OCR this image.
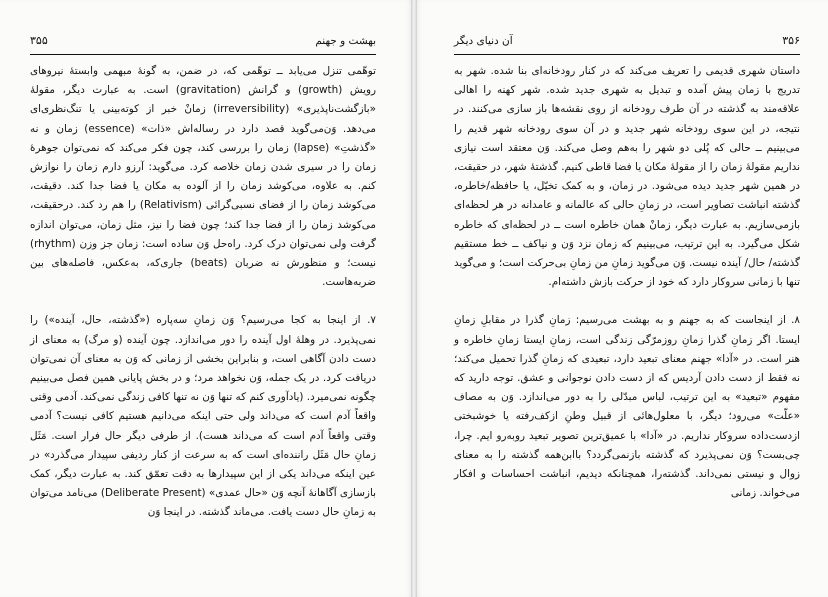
۳۵۵	بهشت و جهنم

توهّمی تنزل می‌یابد ــ توهّمی که، در ضمن، به گونهٔ مبهمی وابستهٔ نیروهای رویش (growth) و گرانش (gravitation) است. به عبارت دیگر، مقولهٔ «بازگشت‌ناپذیری» (irreversibility) زمانْ خبر از کوته‌بینی یا تنگ‌نظری‌ای می‌دهد. وَن‌می‌گوید قصد دارد در رساله‌اش «ذات» (essence) زمان و نه «گذشتِ» (lapse) زمان را بررسی کند، چون فکر می‌کند که نمی‌توان جوهرهٔ زمان را در سیری شدن زمان خلاصه کرد. می‌گوید: آرزو دارم زمان را نوازش کنم. به علاوه، می‌کوشد زمان را از آلوده به مکان یا فضا جدا کند. دقیقت، می‌کوشد زمان را از فضای نسبی‌گرائی (Relativism) را هم رد کند. درحقیقت، می‌کوشد زمان را از فضا جدا کند؛ چون فضا را نیز، مثل زمان، می‌توان اندازه گرفت ولی نمی‌توان درک کرد. راه‌حل وَن ساده است: زمان جز وزن (rhythm) نیست؛ و منظورش نه ضربان (beats) جاری‌که، به‌عکس، فاصله‌های بین ضربه‌هاست.

۷. از اینجا به کجا می‌رسیم؟ وَن زمانِ سه‌پاره («گذشته، حال، آینده») را نمی‌پذیرد. در وهلهٔ اول آینده را دور می‌اندازد. چون آینده (و مرگ) به معنای از دست دادن آگاهی است، و بنابراین بخشی از زمانی که وَن به معنای آن نمی‌توان دریافت کرد. در یک جمله، وَن نخواهد مرد؛ و در بخش پایانی همین فصل می‌بینیم چگونه نمی‌میرد. (یادآوری کنم که تنها وَن نه تنها کافی زندگی نمی‌کند. آدمی وقتی واقعاً آدم است که می‌داند ولی حتی اینکه می‌دانیم هستیم کافی نیست؟ آدمی وقتی واقعاً آدم است که می‌داند هست). از طرفی دیگر حال فرار است. مَثَل زمانِ حال مَثَل راننده‌ای است که به سرعت از کنار ردیفی سپیدار می‌گذرد» در عین اینکه می‌داند یکی از این سپیدارها به دقت تعمّق کند. به عبارت دیگر، کمک بازسازی آگاهانهٔ آنچه وَن «حال عمدی» (Deliberate Present) می‌نامد می‌توان به زمانِ حال دست یافت. می‌ماند گذشته. در اینجا وَن

آن دنیای دیگر	۳۵۶

داستان شهری قدیمی را تعریف می‌کند که در کنار رودخانه‌ای بنا شده. شهر به تدریج با زمان پیش آمده و تبدیل به شهری جدید شده. شهر کهنه را اهالی علاقه‌مند به گذشته در آن طرف رودخانه از روی نقشه‌ها باز سازی می‌کنند. در نتیجه، در این سوی رودخانه شهر جدید و در آن سوی رودخانه شهر قدیم را می‌بینیم ــ حالی که پُلی دو شهر را به‌هم وصل می‌کند. وَن معتقد است نیازی نداریم مقولهٔ زمان را از مقولهٔ مکان یا فضا قاطی کنیم. گذشتهٔ شهر، در حقیقت، در همین شهر جدید دیده می‌شود. در زمان، و به کمک تخیّل، یا حافظه/خاطره، گذشته انباشت تصاویر است، در زمانِ حالی که عالمانه و عامدانه در هر لحظه‌ای بازمی‌سازیم. به عبارت دیگر، زمانْ همان خاطره است ــ در لحظه‌ای که خاطره شکل می‌گیرد. به این ترتیب، می‌بینیم که زمان نزد وَن و نیاکف ــ خط مستقیم گذشته/ حال/ آینده نیست. وَن می‌گوید زمانِ من زمانِ بی‌حرکت است؛ و می‌گوید تنها با زمانی سروکار دارد که خود از حرکت بازش داشته‌ام.

۸. از اینجاست که به جهنم و به بهشت می‌رسیم: زمانِ گذرا در مقابلِ زمانِ ایستا. اگر زمانِ گذرا زمانِ روزمرّگی زندگی است، زمانِ ایستا زمانِ خاطره و هنر است. در «آدا» جهنم معنای تبعید دارد، تبعیدی که زمانِ گذرا تحمیل می‌کند؛ نه فقط از دست دادن آردیس که از دست دادن نوجوانی و عشق. توجه دارید که مفهوم «تبعید» به این ترتیب، لباس مبدّلی را به دور می‌اندازد. وَن به مصاف «علّت» می‌رود؛ دیگر، با معلول‌هائی از قبیل وطنِ ازکف‌رفته یا خوشبختی ازدست‌داده سروکار نداریم. در «آدا» با عمیق‌ترین تصویر تبعید روبه‌رو ایم. چرا، چی‌بست؟ وَن نمی‌پذیرد که گذشته بازنمی‌گردد؟ باابن‌همه گذشته را به معنای زوال و نیستی نمی‌داند. گذشته‌را، همچنانکه دیدیم، انباشت احساسات و افکار می‌خواند. زمانی
